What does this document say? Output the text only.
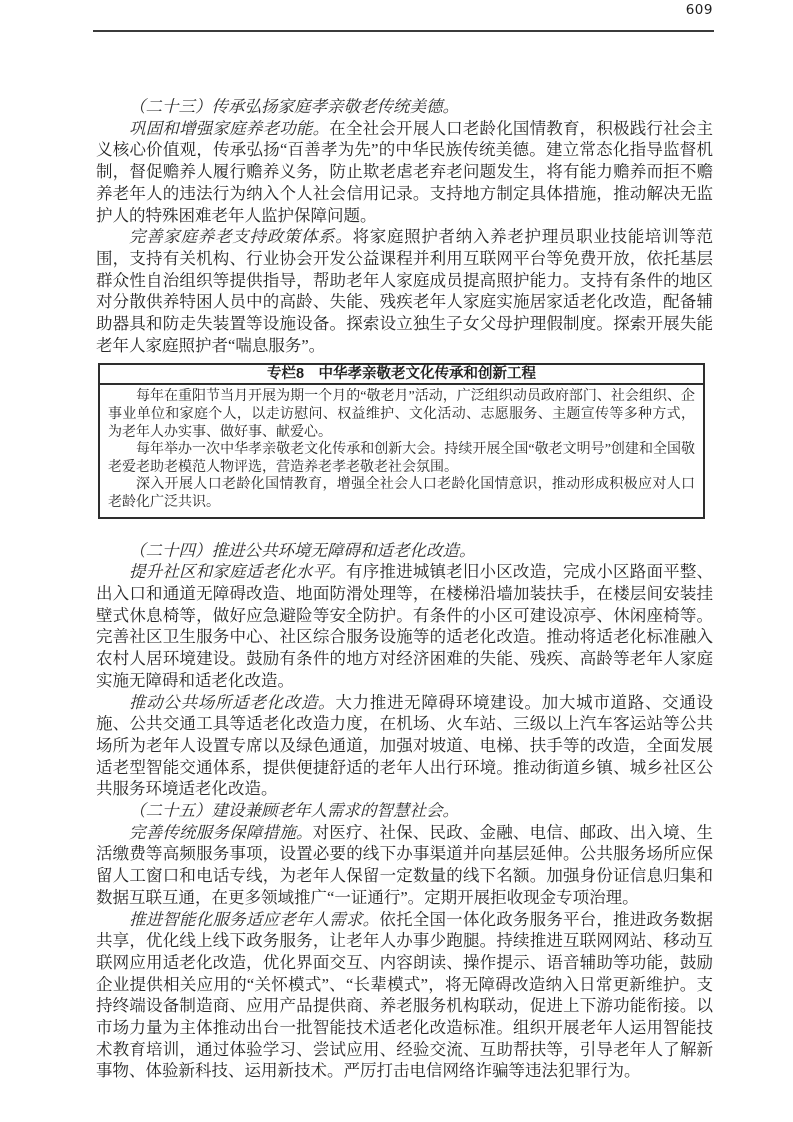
609

（二十三）传承弘扬家庭孝亲敬老传统美德。

巩固和增强家庭养老功能。在全社会开展人口老龄化国情教育，积极践行社会主义核心价值观，传承弘扬“百善孝为先”的中华民族传统美德。建立常态化指导监督机制，督促赡养人履行赡养义务，防止欺老虐老弃老问题发生，将有能力赡养而拒不赡养老年人的违法行为纳入个人社会信用记录。支持地方制定具体措施，推动解决无监护人的特殊困难老年人监护保障问题。

完善家庭养老支持政策体系。将家庭照护者纳入养老护理员职业技能培训等范围，支持有关机构、行业协会开发公益课程并利用互联网平台等免费开放，依托基层群众性自治组织等提供指导，帮助老年人家庭成员提高照护能力。支持有条件的地区对分散供养特困人员中的高龄、失能、残疾老年人家庭实施居家适老化改造，配备辅助器具和防走失装置等设施设备。探索设立独生子女父母护理假制度。探索开展失能老年人家庭照护者“喘息服务”。

专栏8 中华孝亲敬老文化传承和创新工程

每年在重阳节当月开展为期一个月的“敬老月”活动，广泛组织动员政府部门、社会组织、企事业单位和家庭个人，以走访慰问、权益维护、文化活动、志愿服务、主题宣传等多种方式，为老年人办实事、做好事、献爱心。

每年举办一次中华孝亲敬老文化传承和创新大会。持续开展全国“敬老文明号”创建和全国敬老爱老助老模范人物评选，营造养老孝老敬老社会氛围。

深入开展人口老龄化国情教育，增强全社会人口老龄化国情意识，推动形成积极应对人口老龄化广泛共识。

（二十四）推进公共环境无障碍和适老化改造。

提升社区和家庭适老化水平。有序推进城镇老旧小区改造，完成小区路面平整、出入口和通道无障碍改造、地面防滑处理等，在楼梯沿墙加装扶手，在楼层间安装挂壁式休息椅等，做好应急避险等安全防护。有条件的小区可建设凉亭、休闲座椅等。完善社区卫生服务中心、社区综合服务设施等的适老化改造。推动将适老化标准融入农村人居环境建设。鼓励有条件的地方对经济困难的失能、残疾、高龄等老年人家庭实施无障碍和适老化改造。

推动公共场所适老化改造。大力推进无障碍环境建设。加大城市道路、交通设施、公共交通工具等适老化改造力度，在机场、火车站、三级以上汽车客运站等公共场所为老年人设置专席以及绿色通道，加强对坡道、电梯、扶手等的改造，全面发展适老型智能交通体系，提供便捷舒适的老年人出行环境。推动街道乡镇、城乡社区公共服务环境适老化改造。

（二十五）建设兼顾老年人需求的智慧社会。

完善传统服务保障措施。对医疗、社保、民政、金融、电信、邮政、出入境、生活缴费等高频服务事项，设置必要的线下办事渠道并向基层延伸。公共服务场所应保留人工窗口和电话专线，为老年人保留一定数量的线下名额。加强身份证信息归集和数据互联互通，在更多领域推广“一证通行”。定期开展拒收现金专项治理。

推进智能化服务适应老年人需求。依托全国一体化政务服务平台，推进政务数据共享，优化线上线下政务服务，让老年人办事少跑腿。持续推进互联网网站、移动互联网应用适老化改造，优化界面交互、内容朗读、操作提示、语音辅助等功能，鼓励企业提供相关应用的“关怀模式”、“长辈模式”，将无障碍改造纳入日常更新维护。支持终端设备制造商、应用产品提供商、养老服务机构联动，促进上下游功能衔接。以市场力量为主体推动出台一批智能技术适老化改造标准。组织开展老年人运用智能技术教育培训，通过体验学习、尝试应用、经验交流、互助帮扶等，引导老年人了解新事物、体验新科技、运用新技术。严厉打击电信网络诈骗等违法犯罪行为。
